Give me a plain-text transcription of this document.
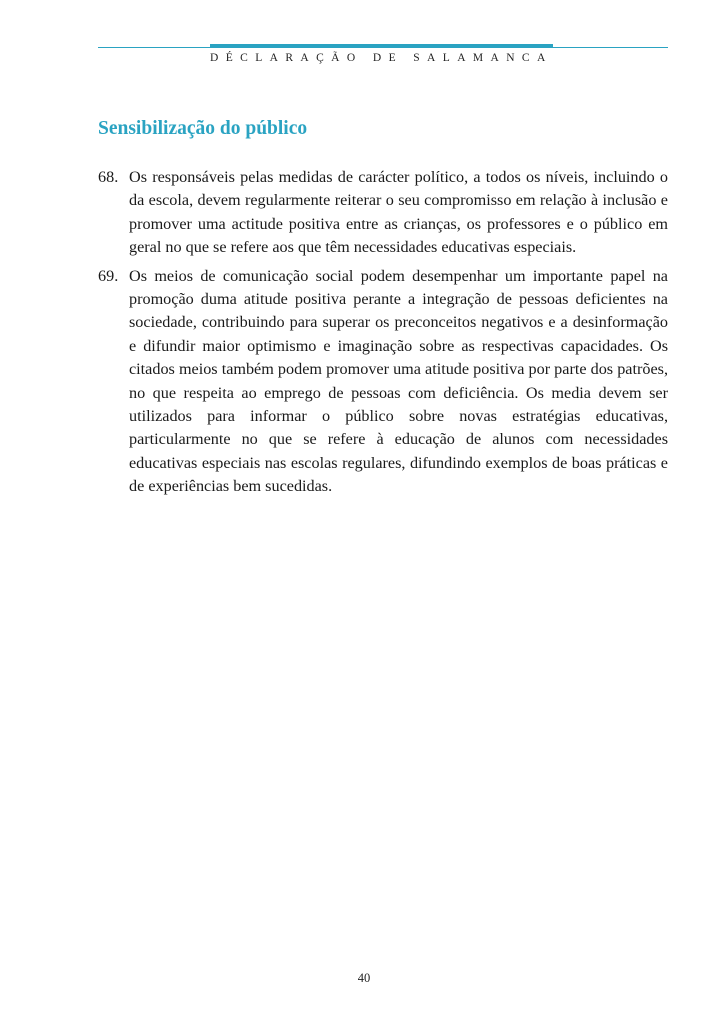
DÉCLARAÇÃO DE SALAMANCA
Sensibilização do público

68. Os responsáveis pelas medidas de carácter político, a todos os níveis, incluindo o da escola, devem regularmente reiterar o seu compromisso em relação à inclusão e promover uma actitude positiva entre as crianças, os professores e o público em geral no que se refere aos que têm necessidades educativas especiais.

69. Os meios de comunicação social podem desempenhar um importante papel na promoção duma atitude positiva perante a integração de pessoas deficientes na sociedade, contribuindo para superar os preconceitos negativos e a desinformação e difundir maior optimismo e imaginação sobre as respectivas capacidades. Os citados meios também podem promover uma atitude positiva por parte dos patrões, no que respeita ao emprego de pessoas com deficiência. Os media devem ser utilizados para informar o público sobre novas estratégias educativas, particularmente no que se refere à educação de alunos com necessidades educativas especiais nas escolas regulares, difundindo exemplos de boas práticas e de experiências bem sucedidas.

40
